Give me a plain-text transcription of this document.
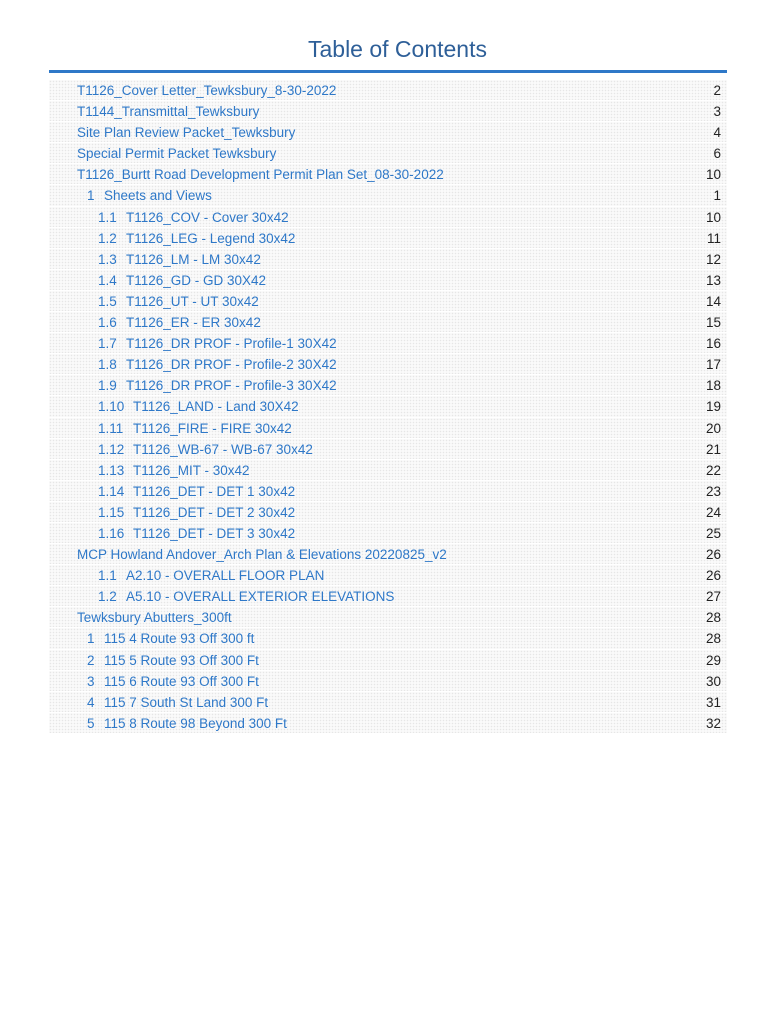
Table of Contents
T1126_Cover Letter_Tewksbury_8-30-2022	2
T1144_Transmittal_Tewksbury	3
Site Plan Review Packet_Tewksbury	4
Special Permit Packet Tewksbury	6
T1126_Burtt Road Development Permit Plan Set_08-30-2022	10
1 Sheets and Views	1
1.1 T1126_COV - Cover 30x42	10
1.2 T1126_LEG - Legend 30x42	11
1.3 T1126_LM - LM 30x42	12
1.4 T1126_GD - GD 30X42	13
1.5 T1126_UT - UT 30x42	14
1.6 T1126_ER - ER 30x42	15
1.7 T1126_DR PROF - Profile-1 30X42	16
1.8 T1126_DR PROF - Profile-2 30X42	17
1.9 T1126_DR PROF - Profile-3 30X42	18
1.10 T1126_LAND - Land 30X42	19
1.11 T1126_FIRE - FIRE 30x42	20
1.12 T1126_WB-67 - WB-67 30x42	21
1.13 T1126_MIT - 30x42	22
1.14 T1126_DET - DET 1 30x42	23
1.15 T1126_DET - DET 2 30x42	24
1.16 T1126_DET - DET 3 30x42	25
MCP Howland Andover_Arch Plan & Elevations 20220825_v2	26
1.1 A2.10 - OVERALL FLOOR PLAN	26
1.2 A5.10 - OVERALL EXTERIOR ELEVATIONS	27
Tewksbury Abutters_300ft	28
1 115 4 Route 93 Off 300 ft	28
2 115 5 Route 93 Off 300 Ft	29
3 115 6 Route 93 Off 300 Ft	30
4 115 7 South St Land 300 Ft	31
5 115 8 Route 98 Beyond 300 Ft	32
